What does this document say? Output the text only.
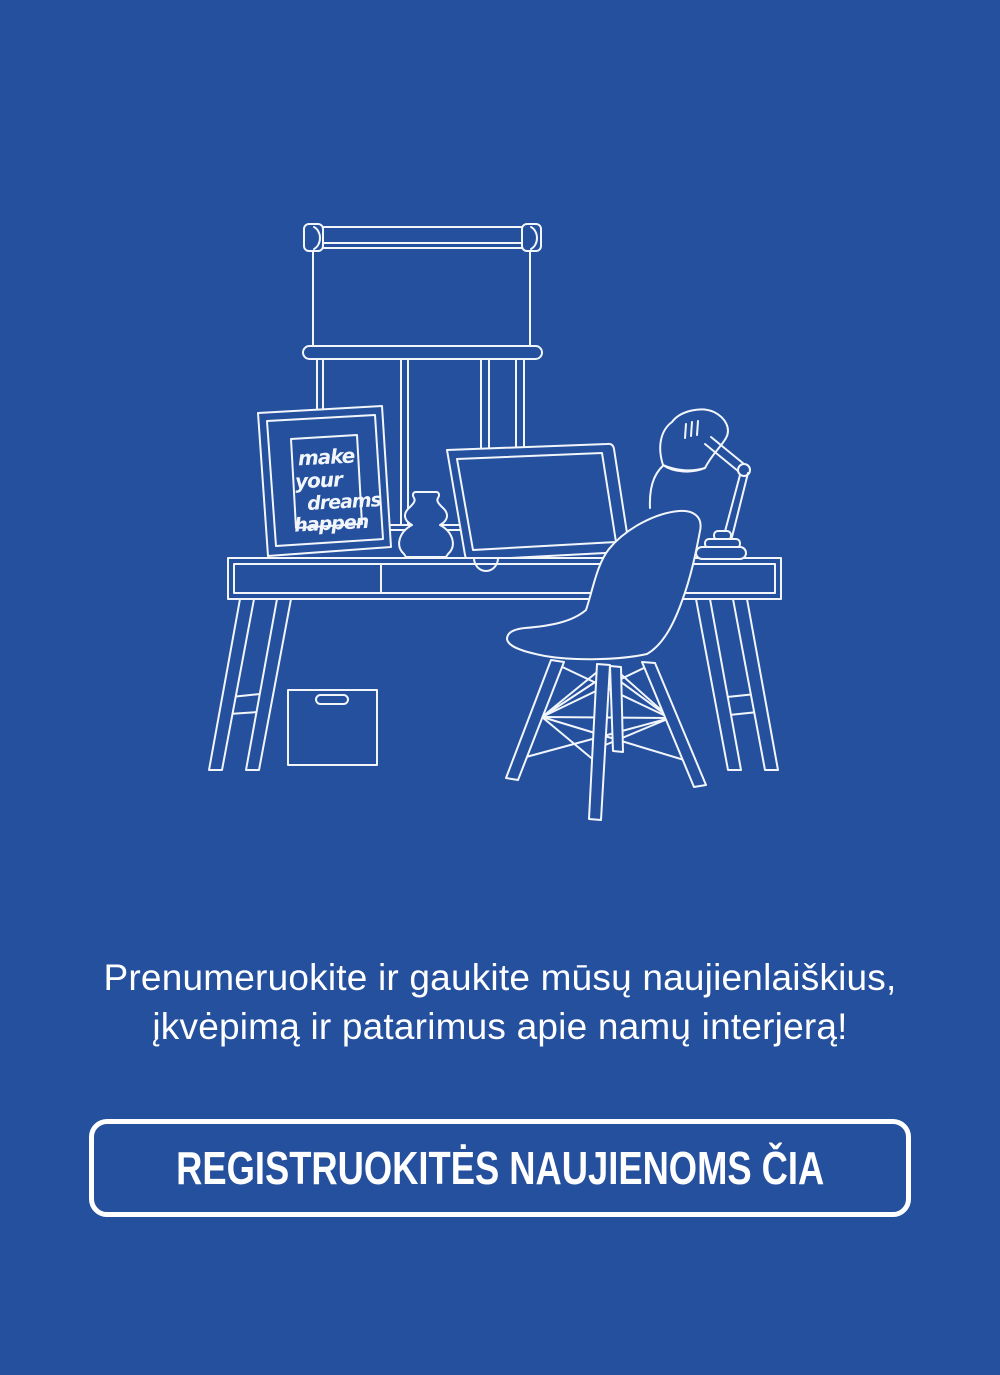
make
your
dreams
happen
Prenumeruokite ir gaukite mūsų naujienlaiškius,
įkvėpimą ir patarimus apie namų interjerą!
REGISTRUOKITĖS NAUJIENOMS ČIA
